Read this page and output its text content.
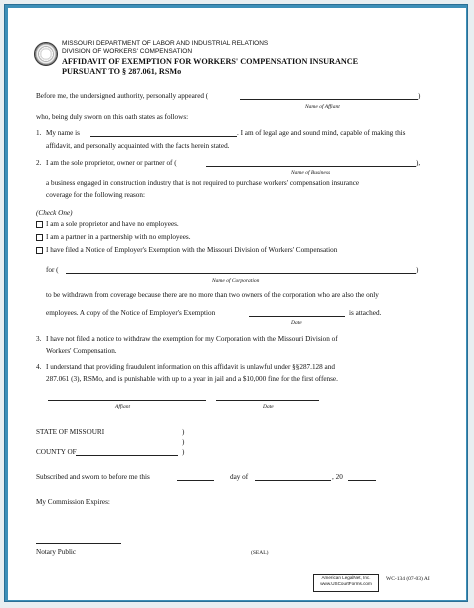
MISSOURI DEPARTMENT OF LABOR AND INDUSTRIAL RELATIONS
DIVISION OF WORKERS' COMPENSATION
AFFIDAVIT OF EXEMPTION FOR WORKERS' COMPENSATION INSURANCE
PURSUANT TO § 287.061, RSMo
Before me, the undersigned authority, personally appeared (	)
Name of Affiant
who, being duly sworn on this oath states as follows:
1. My name is	. I am of legal age and sound mind, capable of making this
affidavit, and personally acquainted with the facts herein stated.
2. I am the sole proprietor, owner or partner of (	),
Name of Business
a business engaged in construction industry that is not required to purchase workers' compensation insurance
coverage for the following reason:
(Check One)
I am a sole proprietor and have no employees.
I am a partner in a partnership with no employees.
I have filed a Notice of Employer's Exemption with the Missouri Division of Workers' Compensation
for (	)
Name of Corporation
to be withdrawn from coverage because there are no more than two owners of the corporation who are also the only
employees. A copy of the Notice of Employer's Exemption	is attached.
Date
3. I have not filed a notice to withdraw the exemption for my Corporation with the Missouri Division of
Workers' Compensation.
4. I understand that providing fraudulent information on this affidavit is unlawful under §§287.128 and
287.061 (3), RSMo, and is punishable with up to a year in jail and a $10,000 fine for the first offense.
Affiant	Date
STATE OF MISSOURI	)
)
COUNTY OF	)
Subscribed and sworn to before me this	day of	, 20
My Commission Expires:
Notary Public	(SEAL)
American LegalNet, Inc.
www.USCourtForms.com
WC-134 (07-03) AI
